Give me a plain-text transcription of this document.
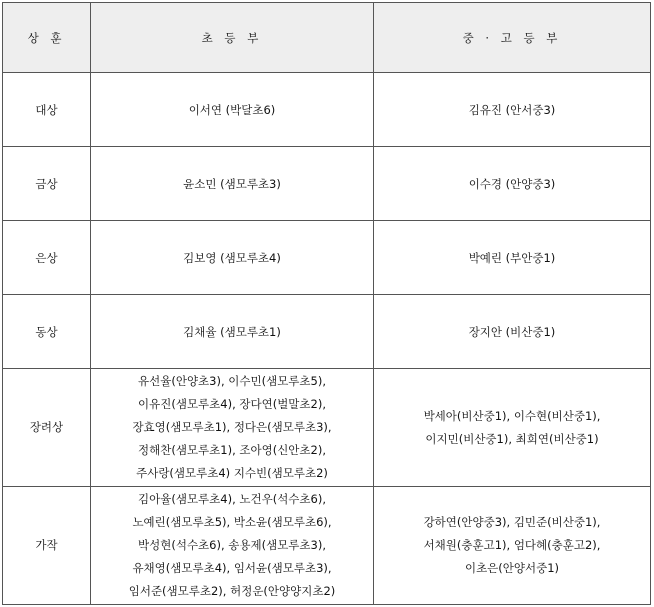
상 훈	초 등 부	중 · 고 등 부
대상	이서연 (박달초6)	김유진 (안서중3)

금상	윤소민 (샘모루초3)	이수경 (안양중3)

은상	김보영 (샘모루초4)	박예린 (부안중1)

동상	김채율 (샘모루초1)	장지안 (비산중1)

장려상	유선율(안양초3), 이수민(샘모루초5),
이유진(샘모루초4), 장다연(벌말초2),
장효영(샘모루초1), 정다은(샘모루초3),
정해찬(샘모루초1), 조아영(신안초2),
주사랑(샘모루초4) 지수빈(샘모루초2)	박세아(비산중1), 이수현(비산중1),
이지민(비산중1), 최희연(비산중1)

가작	김아율(샘모루초4), 노건우(석수초6),
노예린(샘모루초5), 박소윤(샘모루초6),
박성현(석수초6), 송용제(샘모루초3),
유채영(샘모루초4), 임서윤(샘모루초3),
임서준(샘모루초2), 허정운(안양양지초2)	강하연(안양중3), 김민준(비산중1),
서채원(충훈고1), 엄다혜(충훈고2),
이초은(안양서중1)
